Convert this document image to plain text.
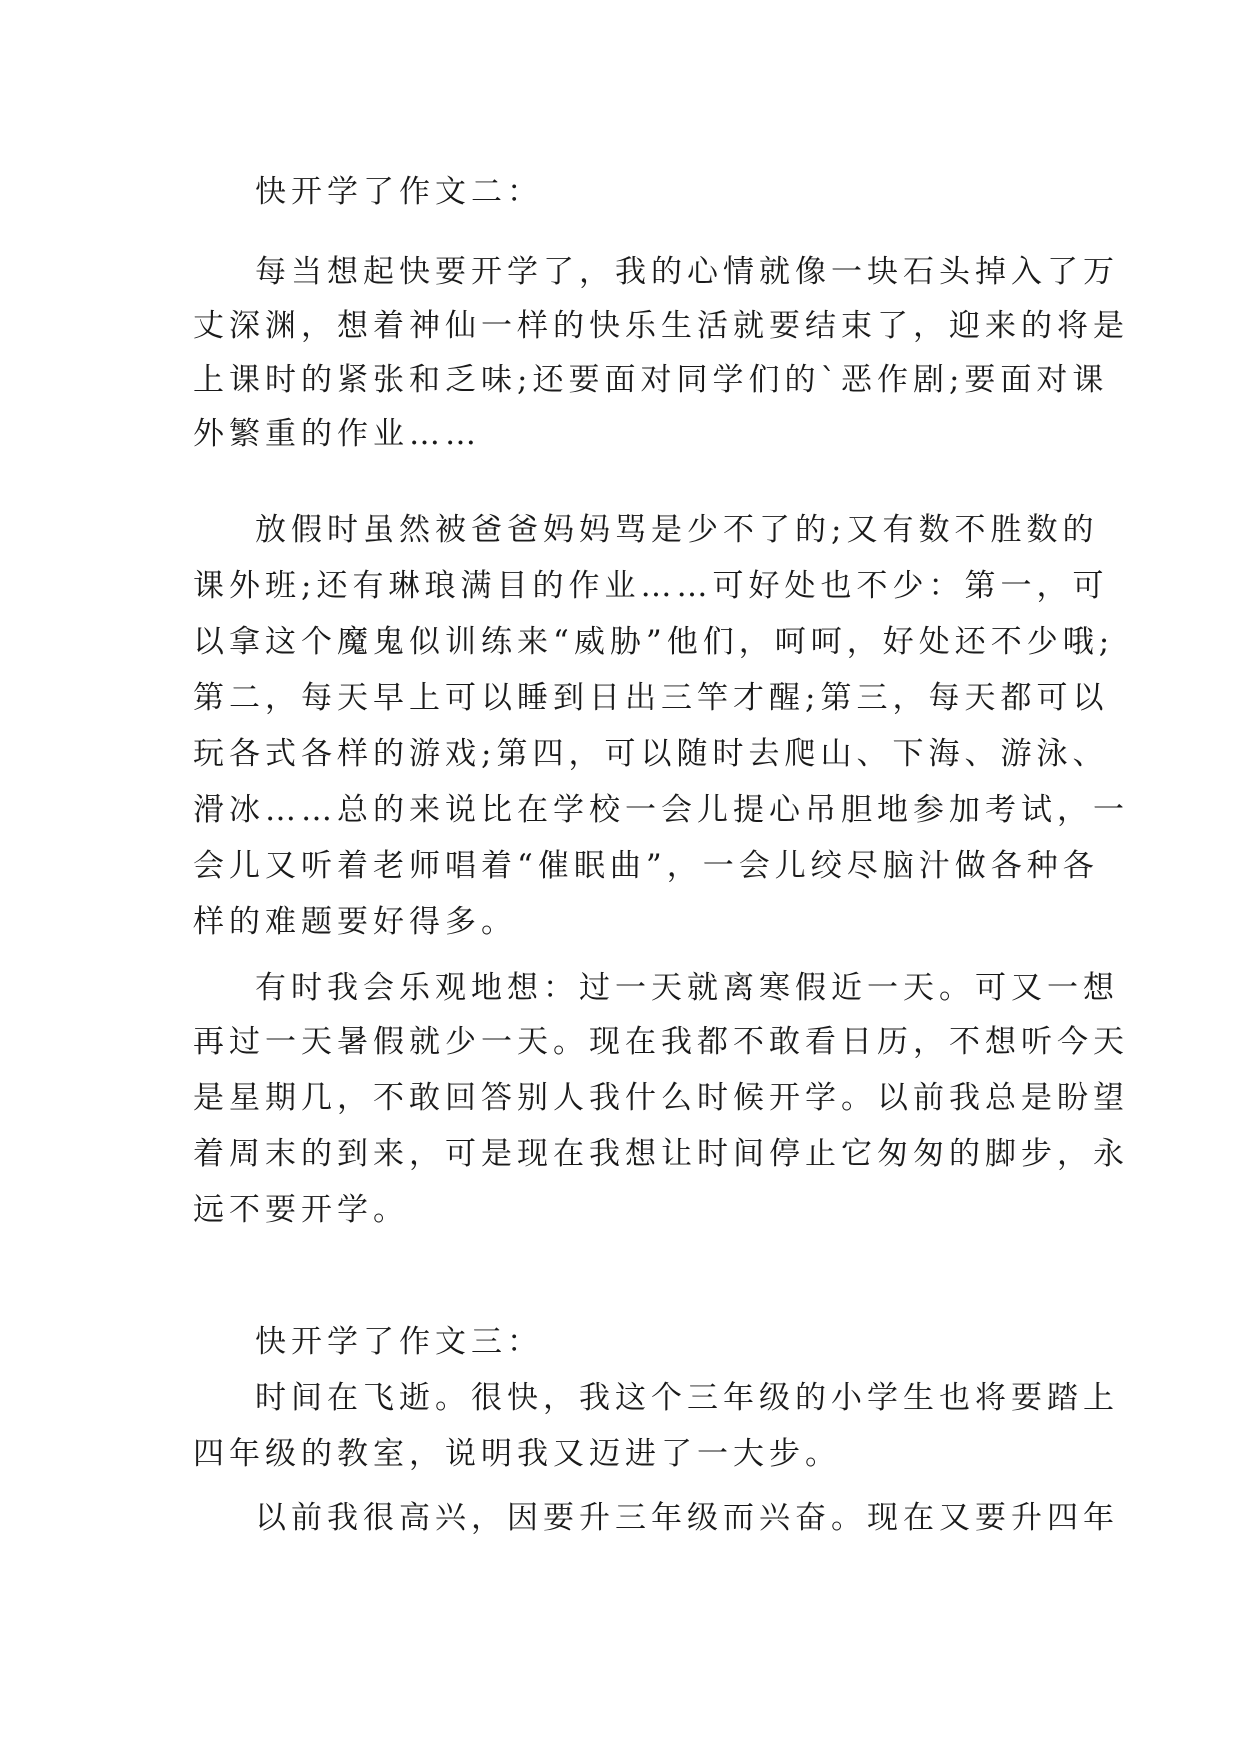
快开学了作文二：
每当想起快要开学了，我的心情就像一块石头掉入了万
丈深渊，想着神仙一样的快乐生活就要结束了，迎来的将是
上课时的紧张和乏味;还要面对同学们的`恶作剧;要面对课
外繁重的作业……
放假时虽然被爸爸妈妈骂是少不了的;又有数不胜数的
课外班;还有琳琅满目的作业……可好处也不少：第一，可
以拿这个魔鬼似训练来“威胁”他们，呵呵，好处还不少哦;
第二，每天早上可以睡到日出三竿才醒;第三，每天都可以
玩各式各样的游戏;第四，可以随时去爬山、下海、游泳、
滑冰……总的来说比在学校一会儿提心吊胆地参加考试，一
会儿又听着老师唱着“催眠曲”，一会儿绞尽脑汁做各种各
样的难题要好得多。
有时我会乐观地想：过一天就离寒假近一天。可又一想
再过一天暑假就少一天。现在我都不敢看日历，不想听今天
是星期几，不敢回答别人我什么时候开学。以前我总是盼望
着周末的到来，可是现在我想让时间停止它匆匆的脚步，永
远不要开学。
快开学了作文三：
时间在飞逝。很快，我这个三年级的小学生也将要踏上
四年级的教室，说明我又迈进了一大步。
以前我很高兴，因要升三年级而兴奋。现在又要升四年
